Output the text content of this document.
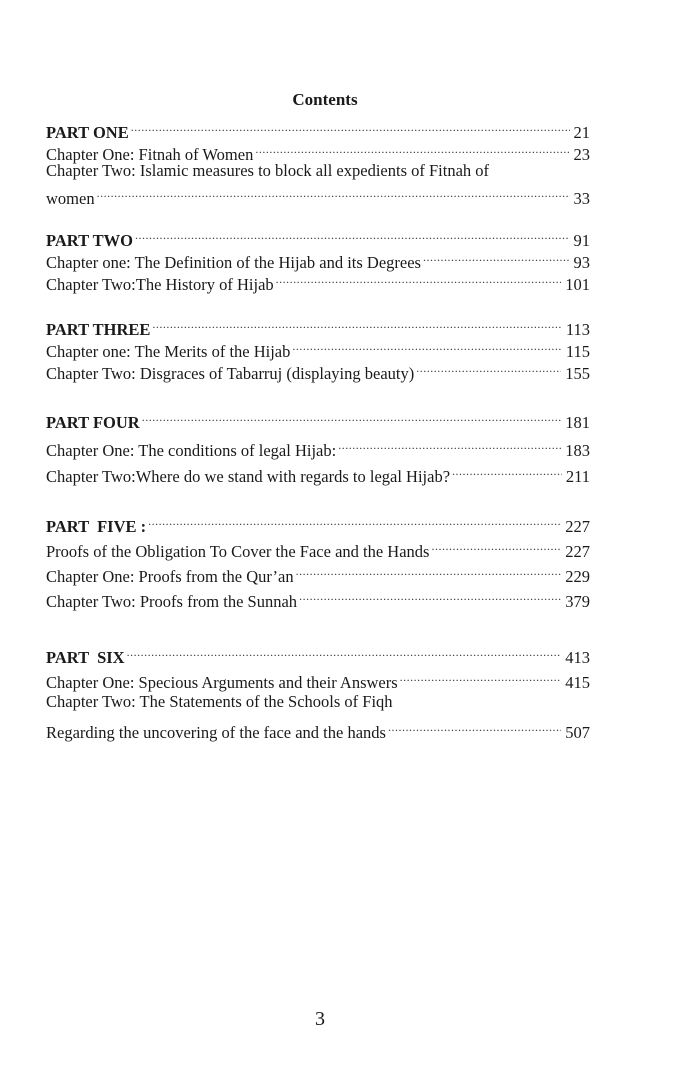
Contents
PART ONE .....	21
Chapter One: Fitnah of Women .....	23
Chapter Two: Islamic measures to block all expedients of Fitnah of
women .....	33
PART TWO .....	91
Chapter one: The Definition of the Hijab and its Degrees .....	93
Chapter Two:The History of Hijab .....	101
PART THREE .....	113
Chapter one: The Merits of the Hijab .....	115
Chapter Two: Disgraces of Tabarruj (displaying beauty) .....	155
PART FOUR .....	181
Chapter One: The conditions of legal Hijab: .....	183
Chapter Two:Where do we stand with regards to legal Hijab? .....	211
PART  FIVE : .....	227
Proofs of the Obligation To Cover the Face and the Hands .....	227
Chapter One: Proofs from the Qur’an .....	229
Chapter Two: Proofs from the Sunnah .....	379
PART  SIX .....	413
Chapter One: Specious Arguments and their Answers .....	415
Chapter Two: The Statements of the Schools of Fiqh
Regarding the uncovering of the face and the hands .....	507
3
